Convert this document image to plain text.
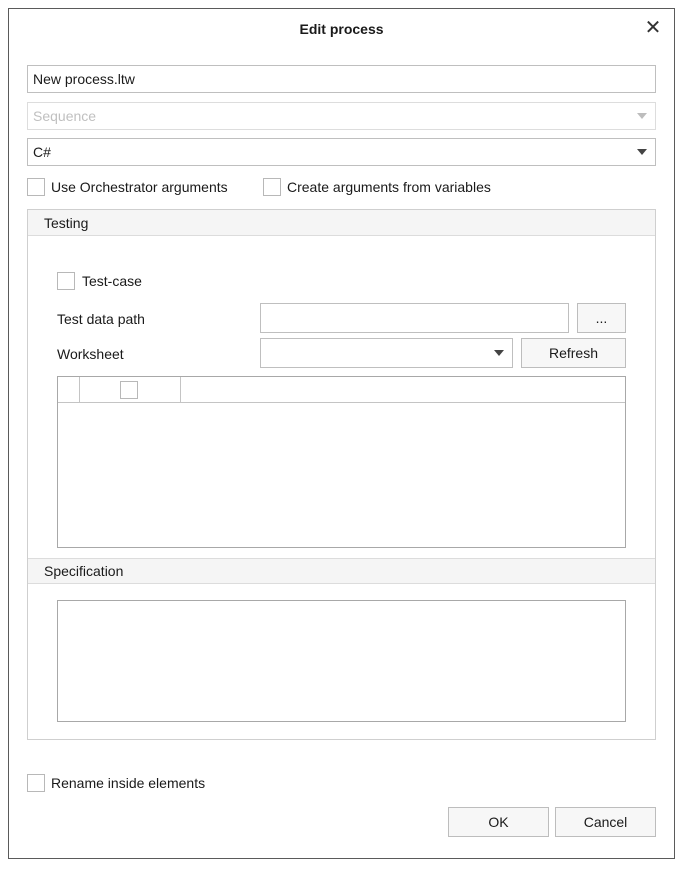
Edit process	✕
New process.ltw
Sequence
C#
Use Orchestrator arguments	Create arguments from variables
Testing
Test-case
Test data path	...
Worksheet	Refresh
Specification
Rename inside elements
OK	Cancel
